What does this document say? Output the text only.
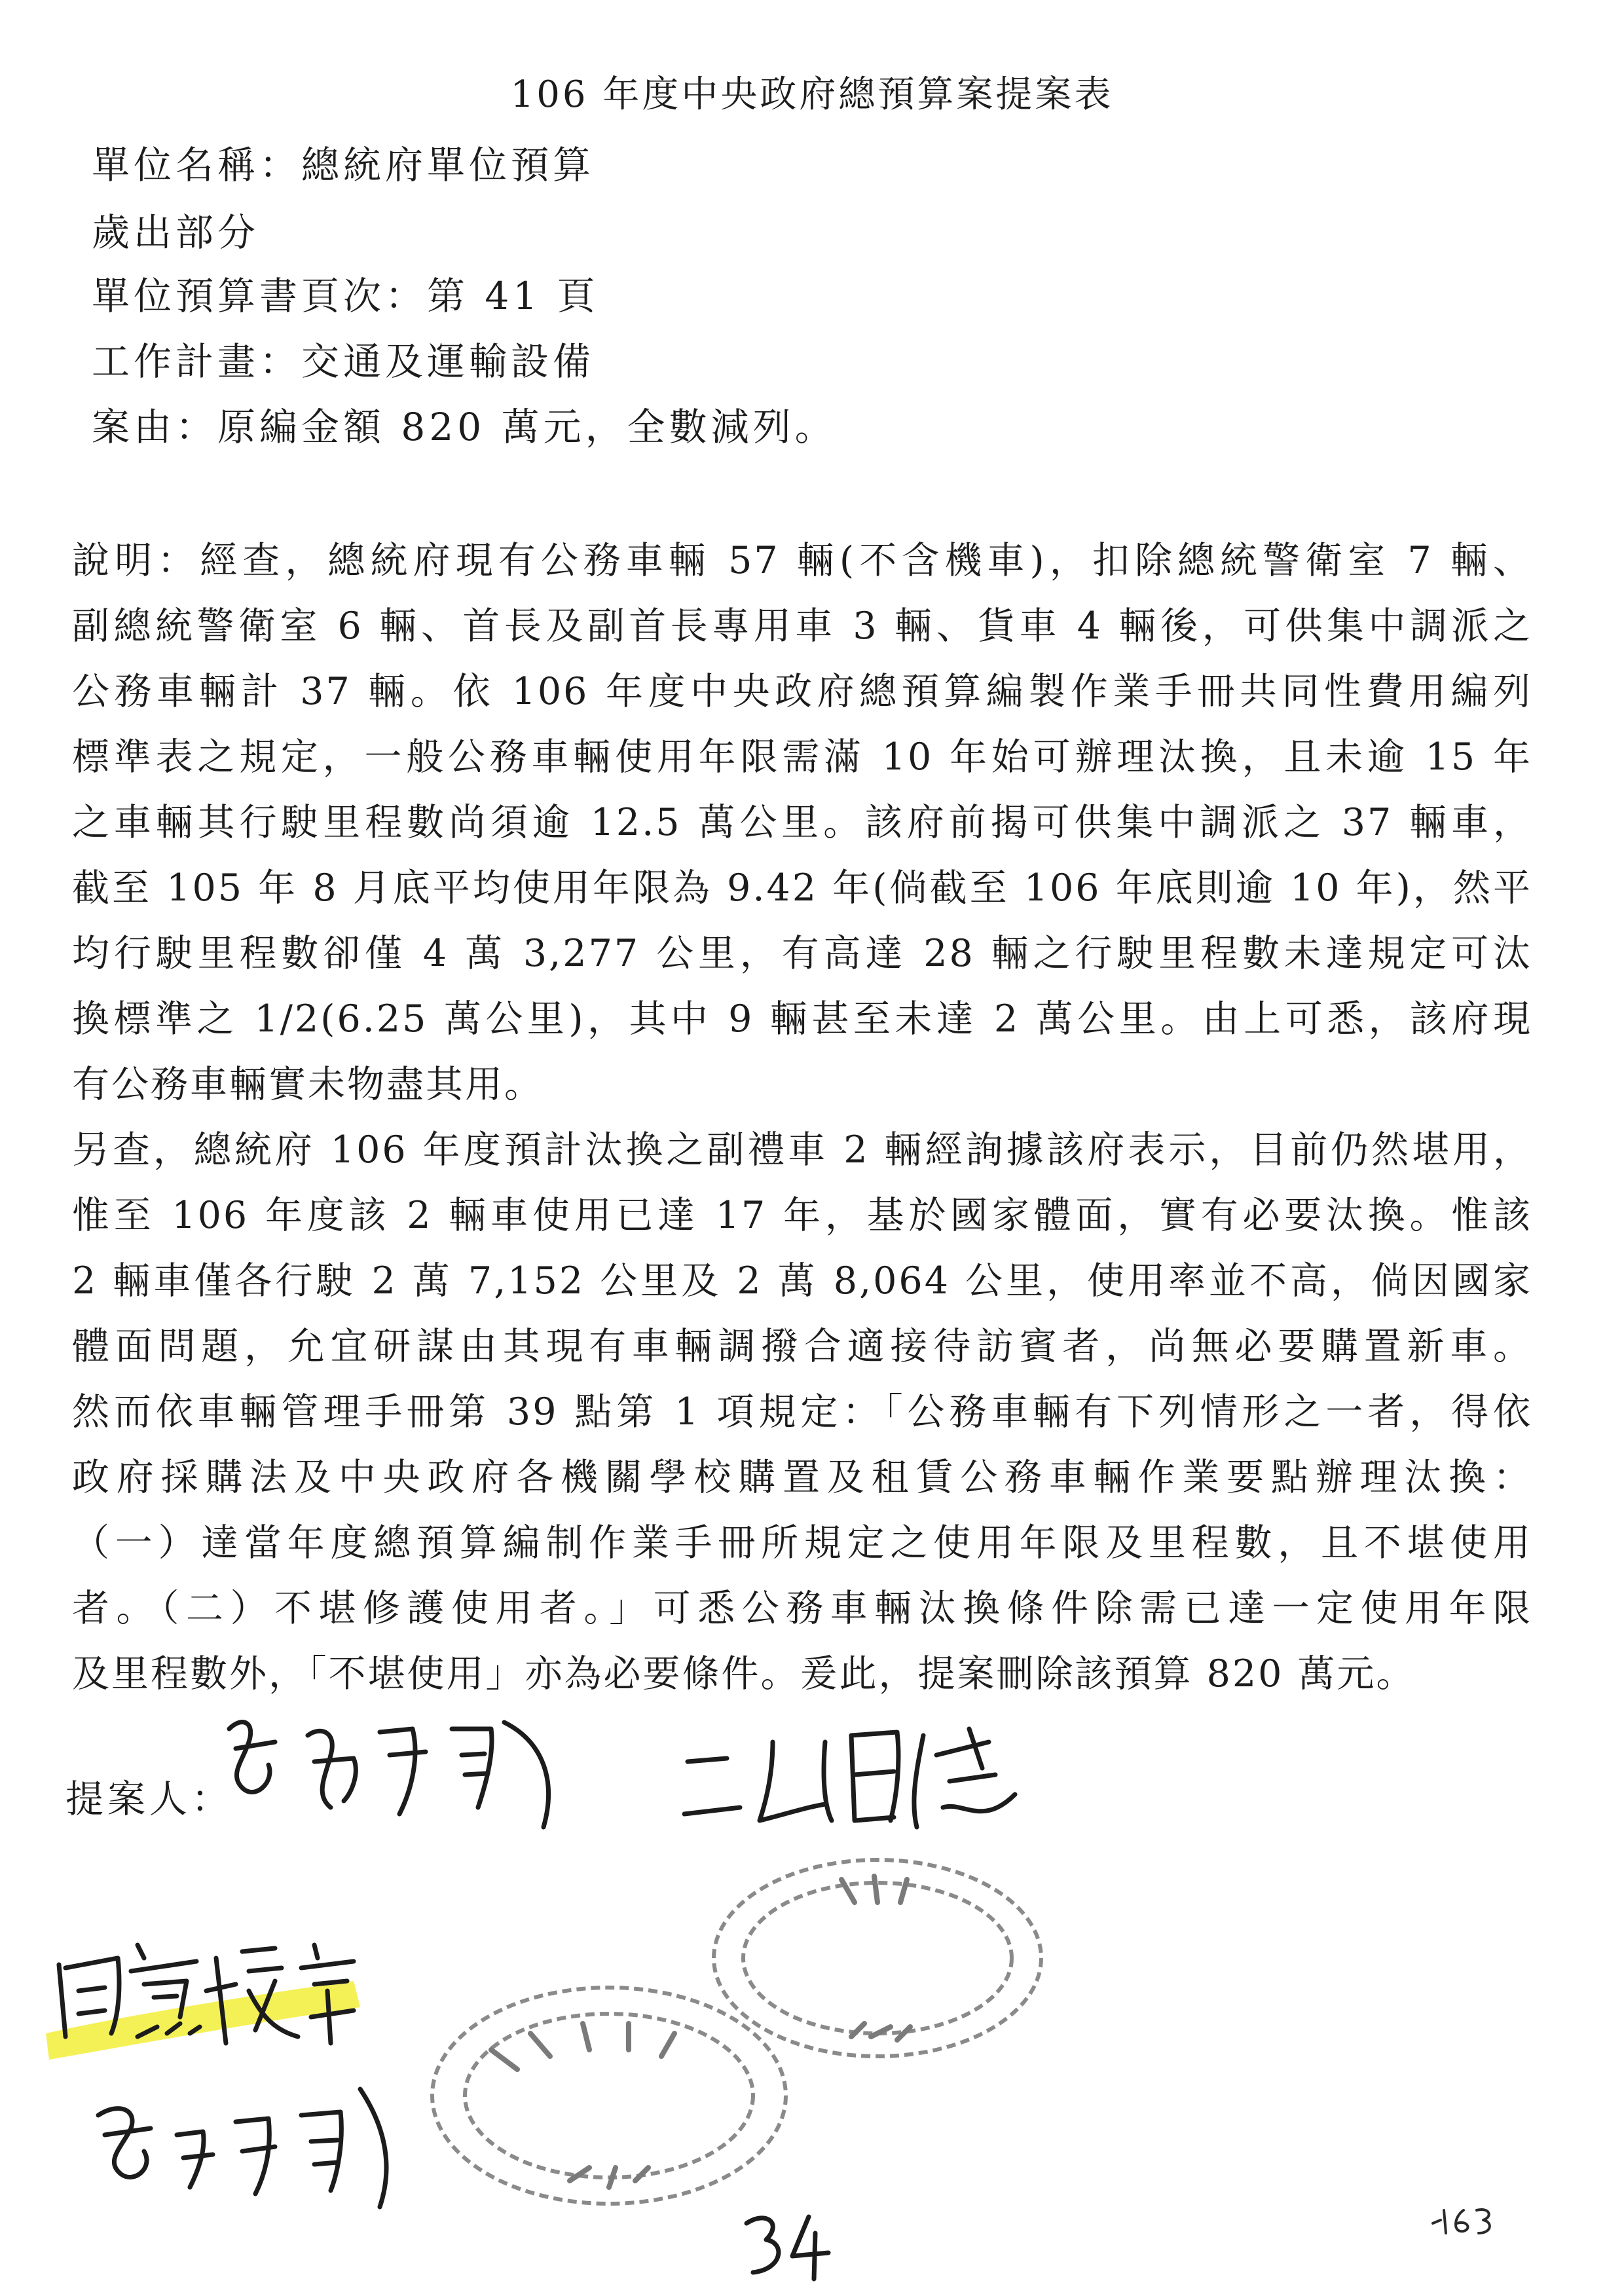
106 年度中央政府總預算案提案表
單位名稱：總統府單位預算
歲出部分
單位預算書頁次：第 41 頁
工作計畫：交通及運輸設備
案由：原編金額 820 萬元，全數減列。
說明：經查，總統府現有公務車輛 57 輛(不含機車)，扣除總統警衛室 7 輛、
副總統警衛室 6 輛、首長及副首長專用車 3 輛、貨車 4 輛後，可供集中調派之
公務車輛計 37 輛。依 106 年度中央政府總預算編製作業手冊共同性費用編列
標準表之規定，一般公務車輛使用年限需滿 10 年始可辦理汰換，且未逾 15 年
之車輛其行駛里程數尚須逾 12.5 萬公里。該府前揭可供集中調派之 37 輛車，
截至 105 年 8 月底平均使用年限為 9.42 年(倘截至 106 年底則逾 10 年)，然平
均行駛里程數卻僅 4 萬 3,277 公里，有高達 28 輛之行駛里程數未達規定可汰
換標準之 1/2(6.25 萬公里)，其中 9 輛甚至未達 2 萬公里。由上可悉，該府現
有公務車輛實未物盡其用。
另查，總統府 106 年度預計汰換之副禮車 2 輛經詢據該府表示，目前仍然堪用，
惟至 106 年度該 2 輛車使用已達 17 年，基於國家體面，實有必要汰換。惟該
2 輛車僅各行駛 2 萬 7,152 公里及 2 萬 8,064 公里，使用率並不高，倘因國家
體面問題，允宜研謀由其現有車輛調撥合適接待訪賓者，尚無必要購置新車。
然而依車輛管理手冊第 39 點第 1 項規定：「公務車輛有下列情形之一者，得依
政府採購法及中央政府各機關學校購置及租賃公務車輛作業要點辦理汰換：
（一）達當年度總預算編制作業手冊所規定之使用年限及里程數，且不堪使用
者。（二）不堪修護使用者。」可悉公務車輛汰換條件除需已達一定使用年限
及里程數外，「不堪使用」亦為必要條件。爰此，提案刪除該預算 820 萬元。
提案人：
